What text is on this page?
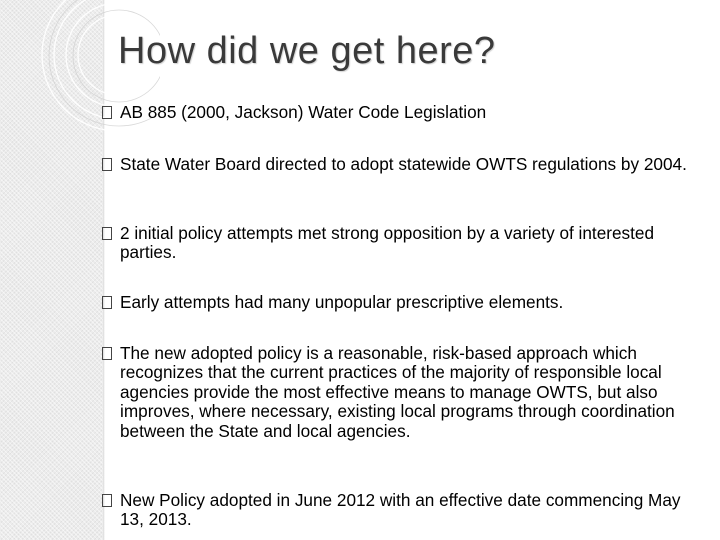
How did we get here?
AB 885 (2000, Jackson) Water Code Legislation
State Water Board directed to adopt statewide OWTS regulations by 2004.
2 initial policy attempts met strong opposition by a variety of interested parties.
Early attempts had many unpopular prescriptive elements.
The new adopted policy is a reasonable, risk-based approach which recognizes that the current practices of the majority of responsible local agencies provide the most effective means to manage OWTS, but also improves, where necessary, existing local programs through coordination between the State and local agencies.
New Policy adopted in June 2012 with an effective date commencing May 13, 2013.
